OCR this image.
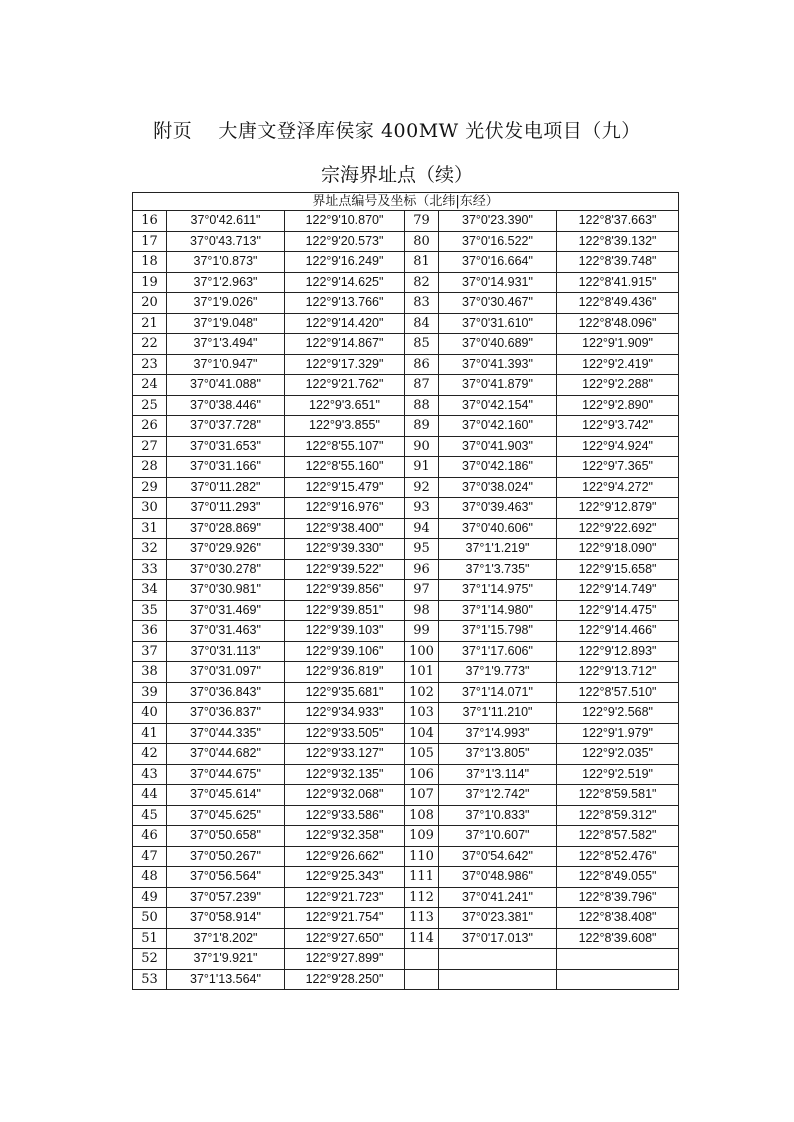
附页    大唐文登泽库侯家 400MW 光伏发电项目（九）
宗海界址点（续）
界址点编号及坐标（北纬|东经）					
16	37°0'42.611"	122°9'10.870"	79	37°0'23.390"	122°8'37.663"
17	37°0'43.713"	122°9'20.573"	80	37°0'16.522"	122°8'39.132"
18	37°1'0.873"	122°9'16.249"	81	37°0'16.664"	122°8'39.748"
19	37°1'2.963"	122°9'14.625"	82	37°0'14.931"	122°8'41.915"
20	37°1'9.026"	122°9'13.766"	83	37°0'30.467"	122°8'49.436"
21	37°1'9.048"	122°9'14.420"	84	37°0'31.610"	122°8'48.096"
22	37°1'3.494"	122°9'14.867"	85	37°0'40.689"	122°9'1.909"
23	37°1'0.947"	122°9'17.329"	86	37°0'41.393"	122°9'2.419"
24	37°0'41.088"	122°9'21.762"	87	37°0'41.879"	122°9'2.288"
25	37°0'38.446"	122°9'3.651"	88	37°0'42.154"	122°9'2.890"
26	37°0'37.728"	122°9'3.855"	89	37°0'42.160"	122°9'3.742"
27	37°0'31.653"	122°8'55.107"	90	37°0'41.903"	122°9'4.924"
28	37°0'31.166"	122°8'55.160"	91	37°0'42.186"	122°9'7.365"
29	37°0'11.282"	122°9'15.479"	92	37°0'38.024"	122°9'4.272"
30	37°0'11.293"	122°9'16.976"	93	37°0'39.463"	122°9'12.879"
31	37°0'28.869"	122°9'38.400"	94	37°0'40.606"	122°9'22.692"
32	37°0'29.926"	122°9'39.330"	95	37°1'1.219"	122°9'18.090"
33	37°0'30.278"	122°9'39.522"	96	37°1'3.735"	122°9'15.658"
34	37°0'30.981"	122°9'39.856"	97	37°1'14.975"	122°9'14.749"
35	37°0'31.469"	122°9'39.851"	98	37°1'14.980"	122°9'14.475"
36	37°0'31.463"	122°9'39.103"	99	37°1'15.798"	122°9'14.466"
37	37°0'31.113"	122°9'39.106"	100	37°1'17.606"	122°9'12.893"
38	37°0'31.097"	122°9'36.819"	101	37°1'9.773"	122°9'13.712"
39	37°0'36.843"	122°9'35.681"	102	37°1'14.071"	122°8'57.510"
40	37°0'36.837"	122°9'34.933"	103	37°1'11.210"	122°9'2.568"
41	37°0'44.335"	122°9'33.505"	104	37°1'4.993"	122°9'1.979"
42	37°0'44.682"	122°9'33.127"	105	37°1'3.805"	122°9'2.035"
43	37°0'44.675"	122°9'32.135"	106	37°1'3.114"	122°9'2.519"
44	37°0'45.614"	122°9'32.068"	107	37°1'2.742"	122°8'59.581"
45	37°0'45.625"	122°9'33.586"	108	37°1'0.833"	122°8'59.312"
46	37°0'50.658"	122°9'32.358"	109	37°1'0.607"	122°8'57.582"
47	37°0'50.267"	122°9'26.662"	110	37°0'54.642"	122°8'52.476"
48	37°0'56.564"	122°9'25.343"	111	37°0'48.986"	122°8'49.055"
49	37°0'57.239"	122°9'21.723"	112	37°0'41.241"	122°8'39.796"
50	37°0'58.914"	122°9'21.754"	113	37°0'23.381"	122°8'38.408"
51	37°1'8.202"	122°9'27.650"	114	37°0'17.013"	122°8'39.608"
52	37°1'9.921"	122°9'27.899"			
53	37°1'13.564"	122°9'28.250"			
